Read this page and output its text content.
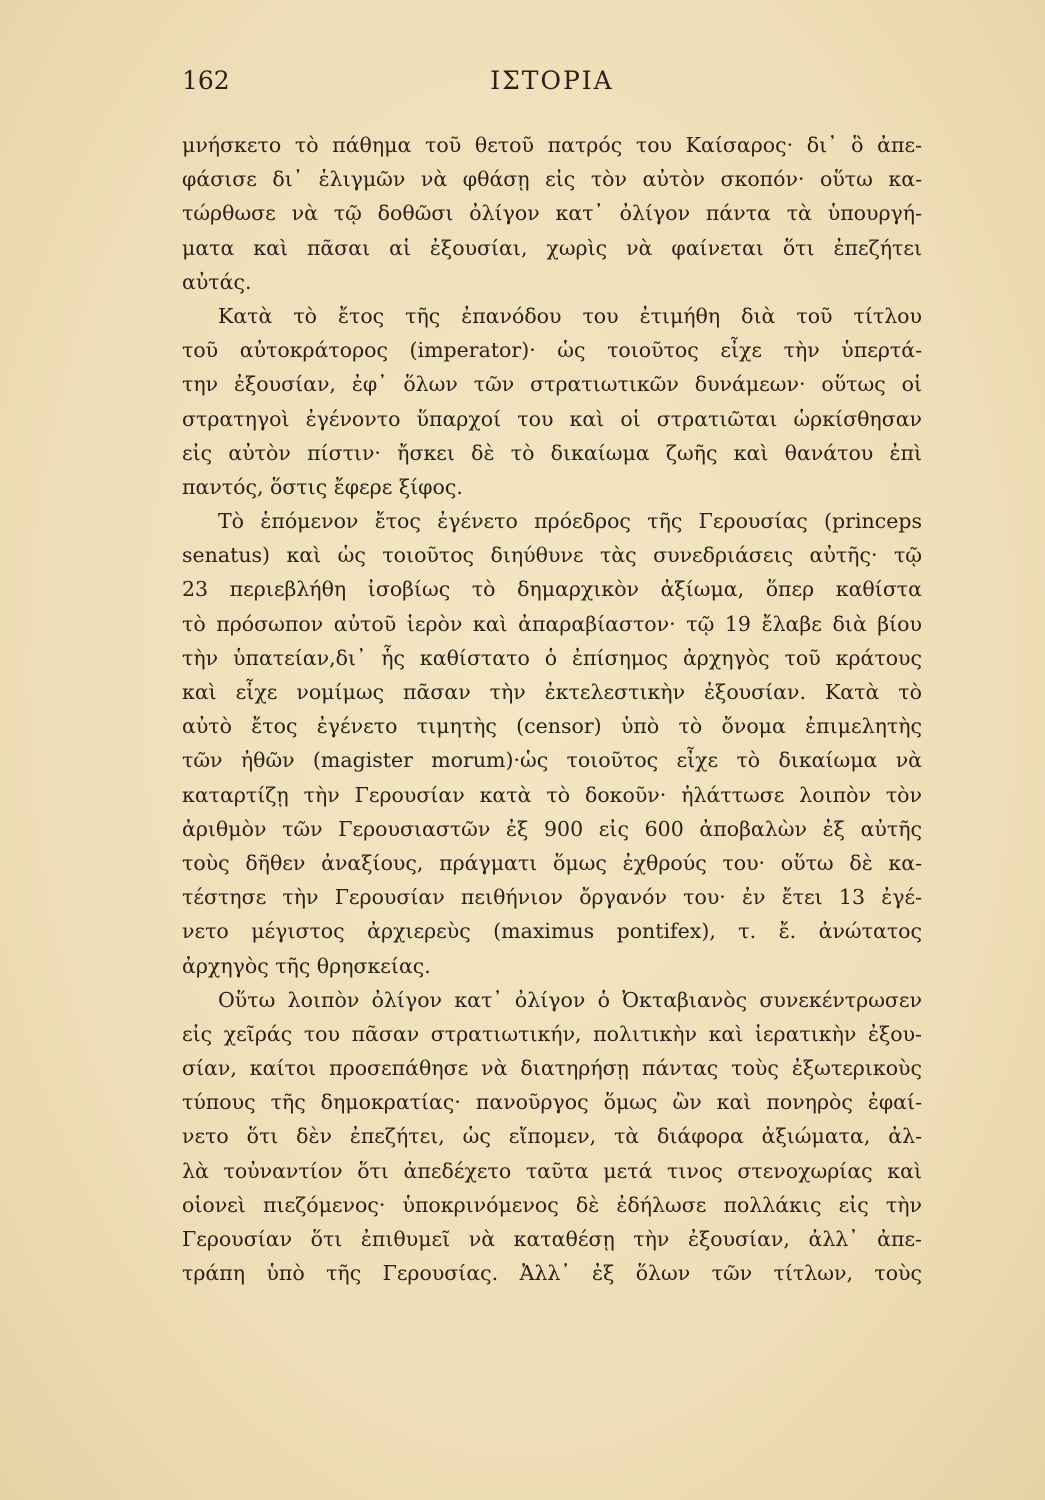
162	ΙΣΤΟΡΙΑ
μνήσκετο τὸ πάθημα τοῦ θετοῦ πατρός του Καίσαρος· δι᾽ ὃ ἀπε-
φάσισε δι᾽ ἑλιγμῶν νὰ φθάσῃ εἰς τὸν αὐτὸν σκοπόν· οὕτω κα-
τώρθωσε νὰ τῷ δοθῶσι ὀλίγον κατ᾽ ὀλίγον πάντα τὰ ὑπουργή-
ματα καὶ πᾶσαι αἱ ἐξουσίαι, χωρὶς νὰ φαίνεται ὅτι ἐπεζήτει
αὐτάς.
Κατὰ τὸ ἔτος τῆς ἐπανόδου του ἐτιμήθη διὰ τοῦ τίτλου
τοῦ αὐτοκράτορος (imperator)· ὡς τοιοῦτος εἶχε τὴν ὑπερτά-
την ἐξουσίαν, ἐφ᾽ ὅλων τῶν στρατιωτικῶν δυνάμεων· οὕτως οἱ
στρατηγοὶ ἐγένοντο ὕπαρχοί του καὶ οἱ στρατιῶται ὡρκίσθησαν
εἰς αὐτὸν πίστιν· ἤσκει δὲ τὸ δικαίωμα ζωῆς καὶ θανάτου ἐπὶ
παντός, ὅστις ἔφερε ξίφος.
Τὸ ἑπόμενον ἔτος ἐγένετο πρόεδρος τῆς Γερουσίας (princeps
senatus) καὶ ὡς τοιοῦτος διηύθυνε τὰς συνεδριάσεις αὐτῆς· τῷ
23 περιεβλήθη ἰσοβίως τὸ δημαρχικὸν ἀξίωμα, ὅπερ καθίστα
τὸ πρόσωπον αὐτοῦ ἱερὸν καὶ ἀπαραβίαστον· τῷ 19 ἔλαβε διὰ βίου
τὴν ὑπατείαν,δι᾽ ἧς καθίστατο ὁ ἐπίσημος ἀρχηγὸς τοῦ κράτους
καὶ εἶχε νομίμως πᾶσαν τὴν ἐκτελεστικὴν ἐξουσίαν. Κατὰ τὸ
αὐτὸ ἔτος ἐγένετο τιμητὴς (censor) ὑπὸ τὸ ὄνομα ἐπιμελητὴς
τῶν ἠθῶν (magister morum)·ὡς τοιοῦτος εἶχε τὸ δικαίωμα νὰ
καταρτίζῃ τὴν Γερουσίαν κατὰ τὸ δοκοῦν· ἠλάττωσε λοιπὸν τὸν
ἀριθμὸν τῶν Γερουσιαστῶν ἐξ 900 εἰς 600 ἀποβαλὼν ἐξ αὐτῆς
τοὺς δῆθεν ἀναξίους, πράγματι ὅμως ἐχθρούς του· οὕτω δὲ κα-
τέστησε τὴν Γερουσίαν πειθήνιον ὄργανόν του· ἐν ἔτει 13 ἐγέ-
νετο μέγιστος ἀρχιερεὺς (maximus pontifex), τ. ἔ. ἀνώτατος
ἀρχηγὸς τῆς θρησκείας.
Οὕτω λοιπὸν ὀλίγον κατ᾽ ὀλίγον ὁ Ὀκταβιανὸς συνεκέντρωσεν
εἰς χεῖράς του πᾶσαν στρατιωτικήν, πολιτικὴν καὶ ἱερατικὴν ἐξου-
σίαν, καίτοι προσεπάθησε νὰ διατηρήσῃ πάντας τοὺς ἐξωτερικοὺς
τύπους τῆς δημοκρατίας· πανοῦργος ὅμως ὢν καὶ πονηρὸς ἐφαί-
νετο ὅτι δὲν ἐπεζήτει, ὡς εἴπομεν, τὰ διάφορα ἀξιώματα, ἀλ-
λὰ τοὐναντίον ὅτι ἀπεδέχετο ταῦτα μετά τινος στενοχωρίας καὶ
οἱονεὶ πιεζόμενος· ὑποκρινόμενος δὲ ἐδήλωσε πολλάκις εἰς τὴν
Γερουσίαν ὅτι ἐπιθυμεῖ νὰ καταθέσῃ τὴν ἐξουσίαν, ἀλλ᾽ ἀπε-
τράπη ὑπὸ τῆς Γερουσίας. Ἀλλ᾽ ἐξ ὅλων τῶν τίτλων, τοὺς
